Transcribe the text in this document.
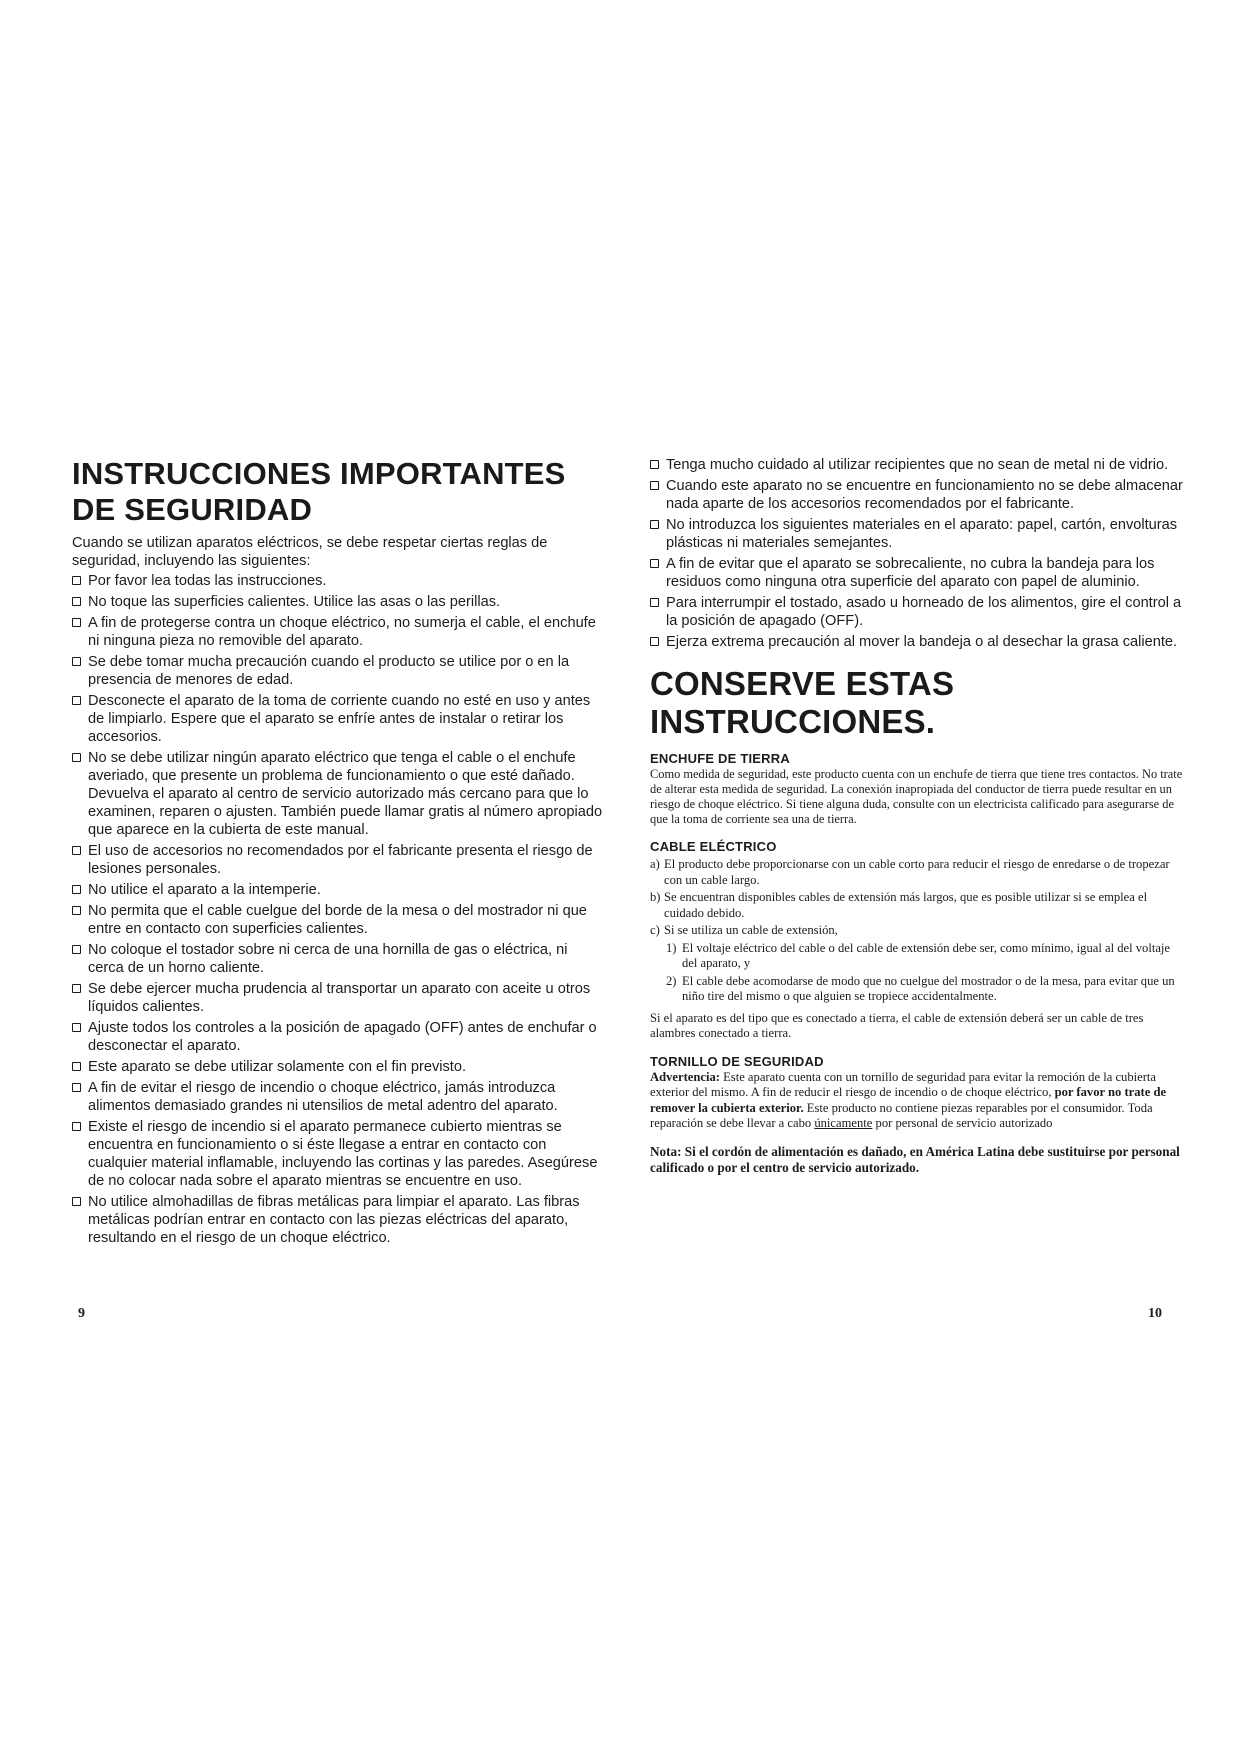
INSTRUCCIONES IMPORTANTES
DE SEGURIDAD

Cuando se utilizan aparatos eléctricos, se debe respetar ciertas reglas de seguridad, incluyendo las siguientes:

Por favor lea todas las instrucciones.
No toque las superficies calientes. Utilice las asas o las perillas.
A fin de protegerse contra un choque eléctrico, no sumerja el cable, el enchufe ni ninguna pieza no removible del aparato.
Se debe tomar mucha precaución cuando el producto se utilice por o en la presencia de menores de edad.
Desconecte el aparato de la toma de corriente cuando no esté en uso y antes de limpiarlo. Espere que el aparato se enfríe antes de instalar o retirar los accesorios.
No se debe utilizar ningún aparato eléctrico que tenga el cable o el enchufe averiado, que presente un problema de funcionamiento o que esté dañado. Devuelva el aparato al centro de servicio autorizado más cercano para que lo examinen, reparen o ajusten. También puede llamar gratis al número apropiado que aparece en la cubierta de este manual.
El uso de accesorios no recomendados por el fabricante presenta el riesgo de lesiones personales.
No utilice el aparato a la intemperie.
No permita que el cable cuelgue del borde de la mesa o del mostrador ni que entre en contacto con superficies calientes.
No coloque el tostador sobre ni cerca de una hornilla de gas o eléctrica, ni cerca de un horno caliente.
Se debe ejercer mucha prudencia al transportar un aparato con aceite u otros líquidos calientes.
Ajuste todos los controles a la posición de apagado (OFF) antes de enchufar o desconectar el aparato.
Este aparato se debe utilizar solamente con el fin previsto.
A fin de evitar el riesgo de incendio o choque eléctrico, jamás introduzca alimentos demasiado grandes ni utensilios de metal adentro del aparato.
Existe el riesgo de incendio si el aparato permanece cubierto mientras se encuentra en funcionamiento o si éste llegase a entrar en contacto con cualquier material inflamable, incluyendo las cortinas y las paredes. Asegúrese de no colocar nada sobre el aparato mientras se encuentre en uso.
No utilice almohadillas de fibras metálicas para limpiar el aparato. Las fibras metálicas podrían entrar en contacto con las piezas eléctricas del aparato, resultando en el riesgo de un choque eléctrico.
9
Tenga mucho cuidado al utilizar recipientes que no sean de metal ni de vidrio.
Cuando este aparato no se encuentre en funcionamiento no se debe almacenar nada aparte de los accesorios recomendados por el fabricante.
No introduzca los siguientes materiales en el aparato: papel, cartón, envolturas plásticas ni materiales semejantes.
A fin de evitar que el aparato se sobrecaliente, no cubra la bandeja para los residuos como ninguna otra superficie del aparato con papel de aluminio.
Para interrumpir el tostado, asado u horneado de los alimentos, gire el control a la posición de apagado (OFF).
Ejerza extrema precaución al mover la bandeja o al desechar la grasa caliente.
CONSERVE ESTAS
INSTRUCCIONES.
ENCHUFE DE TIERRA

Como medida de seguridad, este producto cuenta con un enchufe de tierra que tiene tres contactos. No trate de alterar esta medida de seguridad. La conexión inapropiada del conductor de tierra puede resultar en un riesgo de choque eléctrico. Si tiene alguna duda, consulte con un electricista calificado para asegurarse de que la toma de corriente sea una de tierra.

CABLE ELÉCTRICO

a) El producto debe proporcionarse con un cable corto para reducir el riesgo de enredarse o de tropezar con un cable largo.

b) Se encuentran disponibles cables de extensión más largos, que es posible utilizar si se emplea el cuidado debido.

c) Si se utiliza un cable de extensión,

1) El voltaje eléctrico del cable o del cable de extensión debe ser, como mínimo, igual al del voltaje del aparato, y

2) El cable debe acomodarse de modo que no cuelgue del mostrador o de la mesa, para evitar que un niño tire del mismo o que alguien se tropiece accidentalmente.

Si el aparato es del tipo que es conectado a tierra, el cable de extensión deberá ser un cable de tres alambres conectado a tierra.

TORNILLO DE SEGURIDAD

Advertencia: Este aparato cuenta con un tornillo de seguridad para evitar la remoción de la cubierta exterior del mismo. A fin de reducir el riesgo de incendio o de choque eléctrico, por favor no trate de remover la cubierta exterior. Este producto no contiene piezas reparables por el consumidor. Toda reparación se debe llevar a cabo únicamente por personal de servicio autorizado

Nota: Si el cordón de alimentación es dañado, en América Latina debe sustituirse por personal calificado o por el centro de servicio autorizado.

10
